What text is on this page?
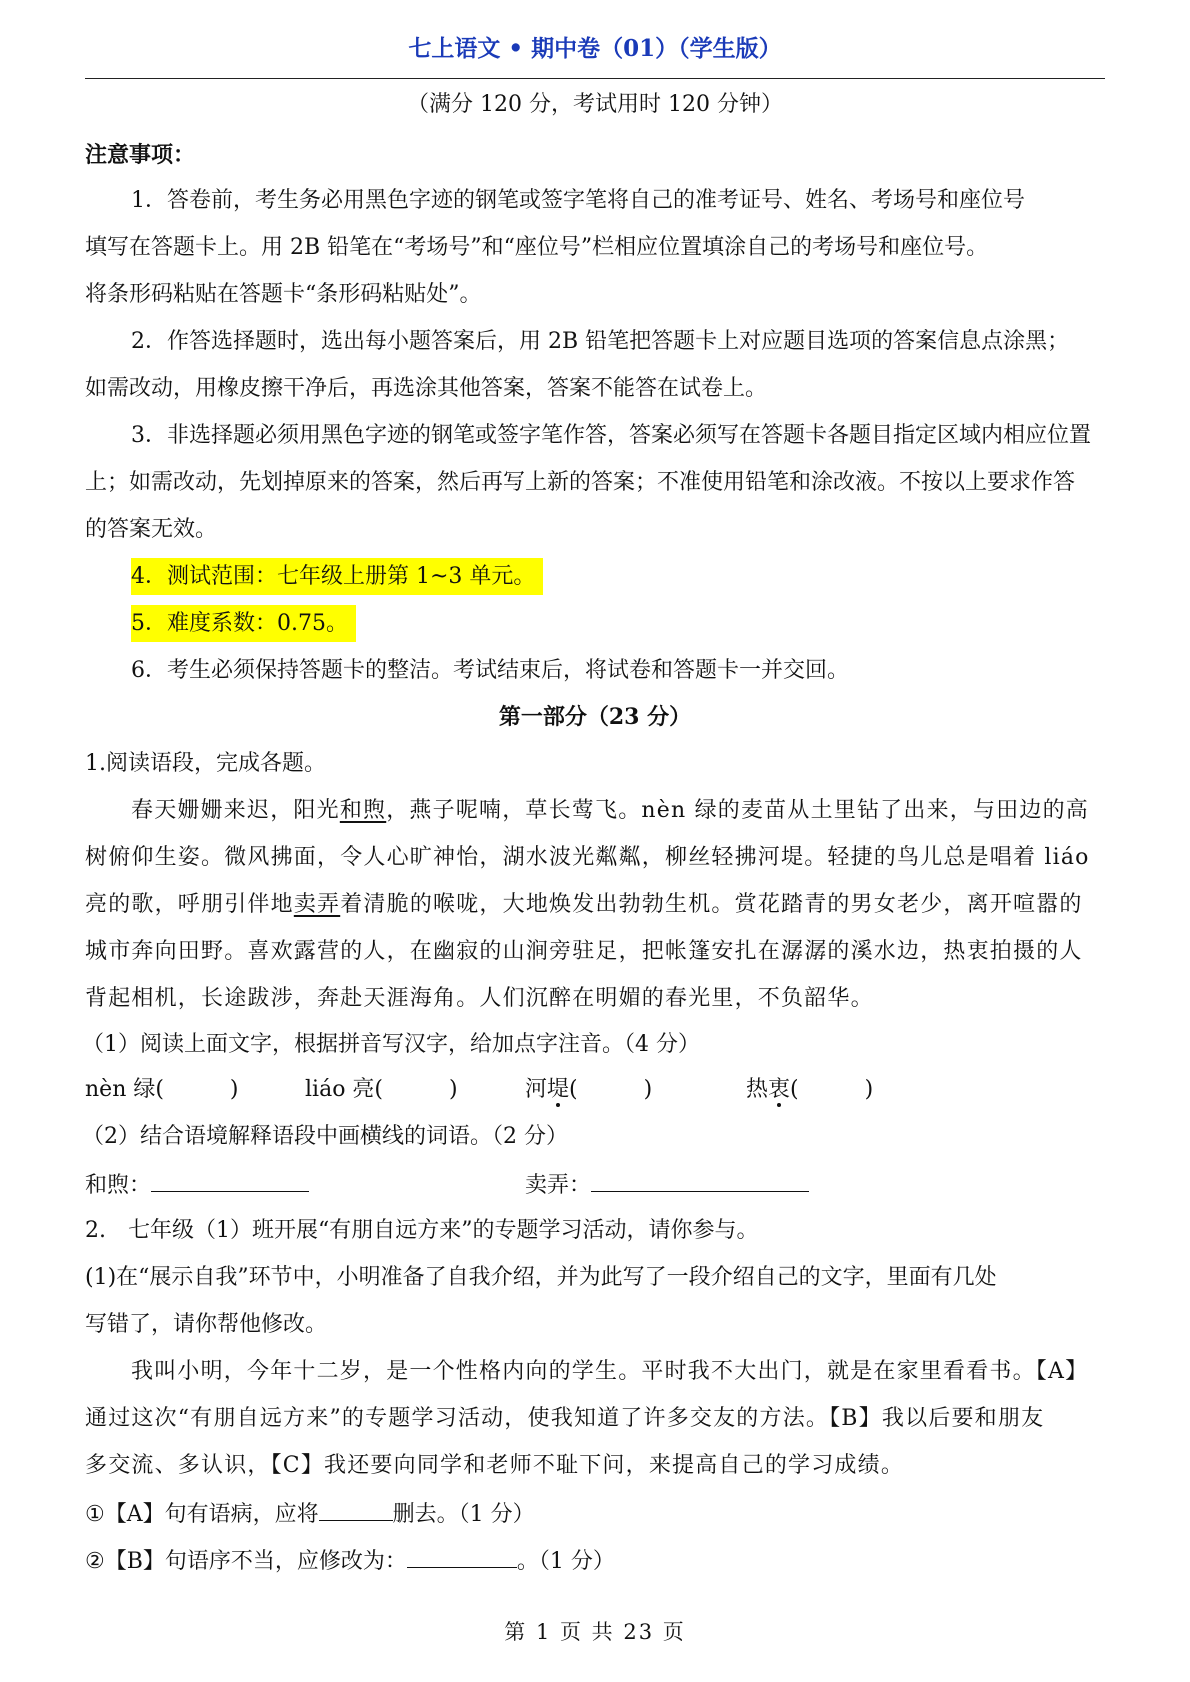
七上语文 • 期中卷（01）（学生版）
（满分 120 分，考试用时 120 分钟）
注意事项：
1．答卷前，考生务必用黑色字迹的钢笔或签字笔将自己的准考证号、姓名、考场号和座位号
填写在答题卡上。用 2B 铅笔在“考场号”和“座位号”栏相应位置填涂自己的考场号和座位号。
将条形码粘贴在答题卡“条形码粘贴处”。
2．作答选择题时，选出每小题答案后，用 2B 铅笔把答题卡上对应题目选项的答案信息点涂黑；
如需改动，用橡皮擦干净后，再选涂其他答案，答案不能答在试卷上。
3．非选择题必须用黑色字迹的钢笔或签字笔作答，答案必须写在答题卡各题目指定区域内相应位置
上；如需改动，先划掉原来的答案，然后再写上新的答案；不准使用铅笔和涂改液。不按以上要求作答
的答案无效。
4．测试范围：七年级上册第 1~3 单元。
5．难度系数：0.75。
6．考生必须保持答题卡的整洁。考试结束后，将试卷和答题卡一并交回。
第一部分（23 分）
1.阅读语段，完成各题。
春天姗姗来迟，阳光和煦，燕子呢喃，草长莺飞。nèn 绿的麦苗从土里钻了出来，与田边的高
树俯仰生姿。微风拂面，令人心旷神怡，湖水波光粼粼，柳丝轻拂河堤。轻捷的鸟儿总是唱着 liáo
亮的歌，呼朋引伴地卖弄着清脆的喉咙，大地焕发出勃勃生机。赏花踏青的男女老少，离开喧嚣的
城市奔向田野。喜欢露营的人，在幽寂的山涧旁驻足，把帐篷安扎在潺潺的溪水边，热衷拍摄的人
背起相机，长途跋涉，奔赴天涯海角。人们沉醉在明媚的春光里，不负韶华。
（1）阅读上面文字，根据拼音写汉字，给加点字注音。（4 分）
nèn 绿(　　　)	liáo 亮(　　　)	河堤(　　　)	热衷(　　　)
（2）结合语境解释语段中画横线的词语。（2 分）
和煦：	卖弄：
2.　七年级（1）班开展“有朋自远方来”的专题学习活动，请你参与。
(1)在“展示自我”环节中，小明准备了自我介绍，并为此写了一段介绍自己的文字，里面有几处
写错了，请你帮他修改。
我叫小明，今年十二岁，是一个性格内向的学生。平时我不大出门，就是在家里看看书。【A】
通过这次“有朋自远方来”的专题学习活动，使我知道了许多交友的方法。【B】我以后要和朋友
多交流、多认识，【C】我还要向同学和老师不耻下问，来提高自己的学习成绩。
①【A】句有语病，应将	删去。（1 分）
②【B】句语序不当，应修改为：	。（1 分）
第 1 页 共 23 页
